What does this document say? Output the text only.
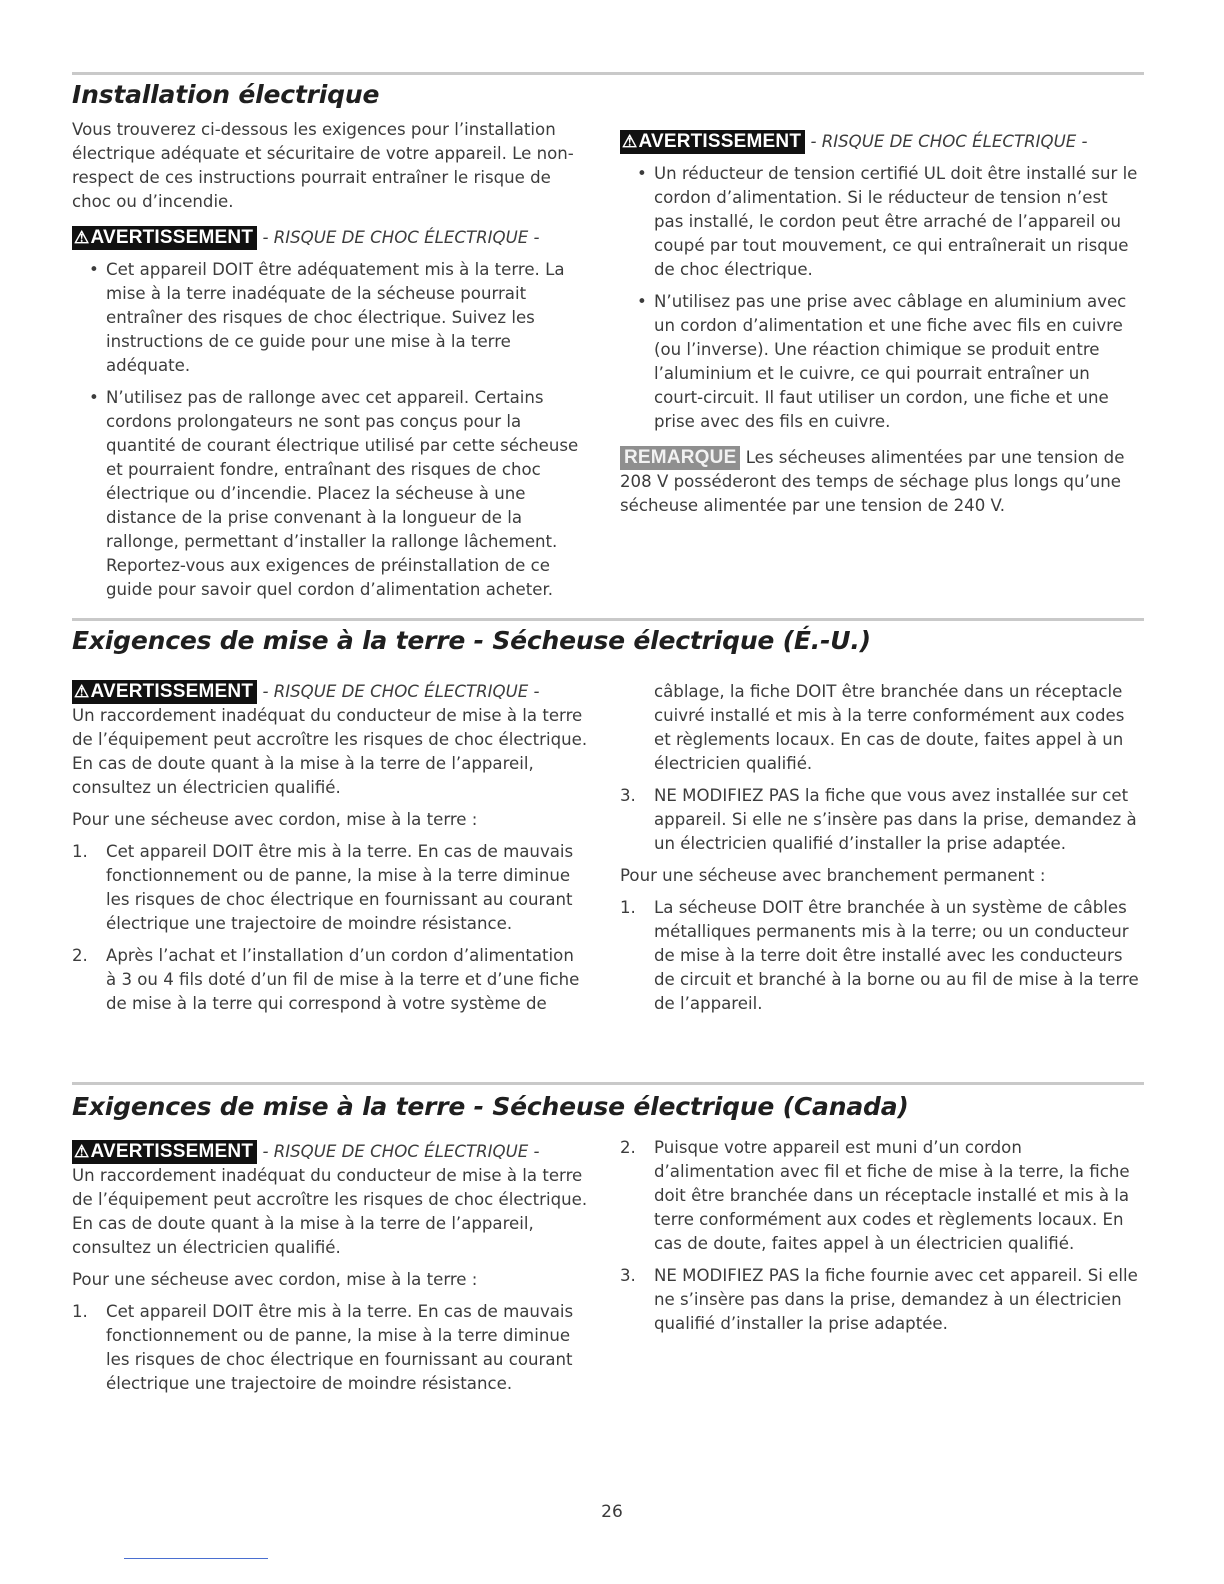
Installation électrique

Vous trouverez ci-dessous les exigences pour l’installation électrique adéquate et sécuritaire de votre appareil. Le non-respect de ces instructions pourrait entraîner le risque de choc ou d’incendie.

⚠AVERTISSEMENT - RISQUE DE CHOC ÉLECTRIQUE -

• Cet appareil DOIT être adéquatement mis à la terre. La mise à la terre inadéquate de la sécheuse pourrait entraîner des risques de choc électrique. Suivez les instructions de ce guide pour une mise à la terre adéquate.
• N’utilisez pas de rallonge avec cet appareil. Certains cordons prolongateurs ne sont pas conçus pour la quantité de courant électrique utilisé par cette sécheuse et pourraient fondre, entraînant des risques de choc électrique ou d’incendie. Placez la sécheuse à une distance de la prise convenant à la longueur de la rallonge, permettant d’installer la rallonge lâchement. Reportez-vous aux exigences de préinstallation de ce guide pour savoir quel cordon d’alimentation acheter.

⚠AVERTISSEMENT - RISQUE DE CHOC ÉLECTRIQUE -

• Un réducteur de tension certifié UL doit être installé sur le cordon d’alimentation. Si le réducteur de tension n’est pas installé, le cordon peut être arraché de l’appareil ou coupé par tout mouvement, ce qui entraînerait un risque de choc électrique.
• N’utilisez pas une prise avec câblage en aluminium avec un cordon d’alimentation et une fiche avec fils en cuivre (ou l’inverse). Une réaction chimique se produit entre l’aluminium et le cuivre, ce qui pourrait entraîner un court-circuit. Il faut utiliser un cordon, une fiche et une prise avec des fils en cuivre.

REMARQUE Les sécheuses alimentées par une tension de 208 V posséderont des temps de séchage plus longs qu’une sécheuse alimentée par une tension de 240 V.

Exigences de mise à la terre - Sécheuse électrique (É.-U.)

⚠AVERTISSEMENT - RISQUE DE CHOC ÉLECTRIQUE -

Un raccordement inadéquat du conducteur de mise à la terre de l’équipement peut accroître les risques de choc électrique. En cas de doute quant à la mise à la terre de l’appareil, consultez un électricien qualifié.

Pour une sécheuse avec cordon, mise à la terre :

1. Cet appareil DOIT être mis à la terre. En cas de mauvais fonctionnement ou de panne, la mise à la terre diminue les risques de choc électrique en fournissant au courant électrique une trajectoire de moindre résistance.
2. Après l’achat et l’installation d’un cordon d’alimentation à 3 ou 4 fils doté d’un fil de mise à la terre et d’une fiche de mise à la terre qui correspond à votre système de
câblage, la fiche DOIT être branchée dans un réceptacle cuivré installé et mis à la terre conformément aux codes et règlements locaux. En cas de doute, faites appel à un électricien qualifié.
3. NE MODIFIEZ PAS la fiche que vous avez installée sur cet appareil. Si elle ne s’insère pas dans la prise, demandez à un électricien qualifié d’installer la prise adaptée.

Pour une sécheuse avec branchement permanent :

1. La sécheuse DOIT être branchée à un système de câbles métalliques permanents mis à la terre; ou un conducteur de mise à la terre doit être installé avec les conducteurs de circuit et branché à la borne ou au fil de mise à la terre de l’appareil.
Exigences de mise à la terre - Sécheuse électrique (Canada)

⚠AVERTISSEMENT - RISQUE DE CHOC ÉLECTRIQUE -

Un raccordement inadéquat du conducteur de mise à la terre de l’équipement peut accroître les risques de choc électrique. En cas de doute quant à la mise à la terre de l’appareil, consultez un électricien qualifié.

Pour une sécheuse avec cordon, mise à la terre :

1. Cet appareil DOIT être mis à la terre. En cas de mauvais fonctionnement ou de panne, la mise à la terre diminue les risques de choc électrique en fournissant au courant électrique une trajectoire de moindre résistance.
2. Puisque votre appareil est muni d’un cordon d’alimentation avec fil et fiche de mise à la terre, la fiche doit être branchée dans un réceptacle installé et mis à la terre conformément aux codes et règlements locaux. En cas de doute, faites appel à un électricien qualifié.
3. NE MODIFIEZ PAS la fiche fournie avec cet appareil. Si elle ne s’insère pas dans la prise, demandez à un électricien qualifié d’installer la prise adaptée.
26
